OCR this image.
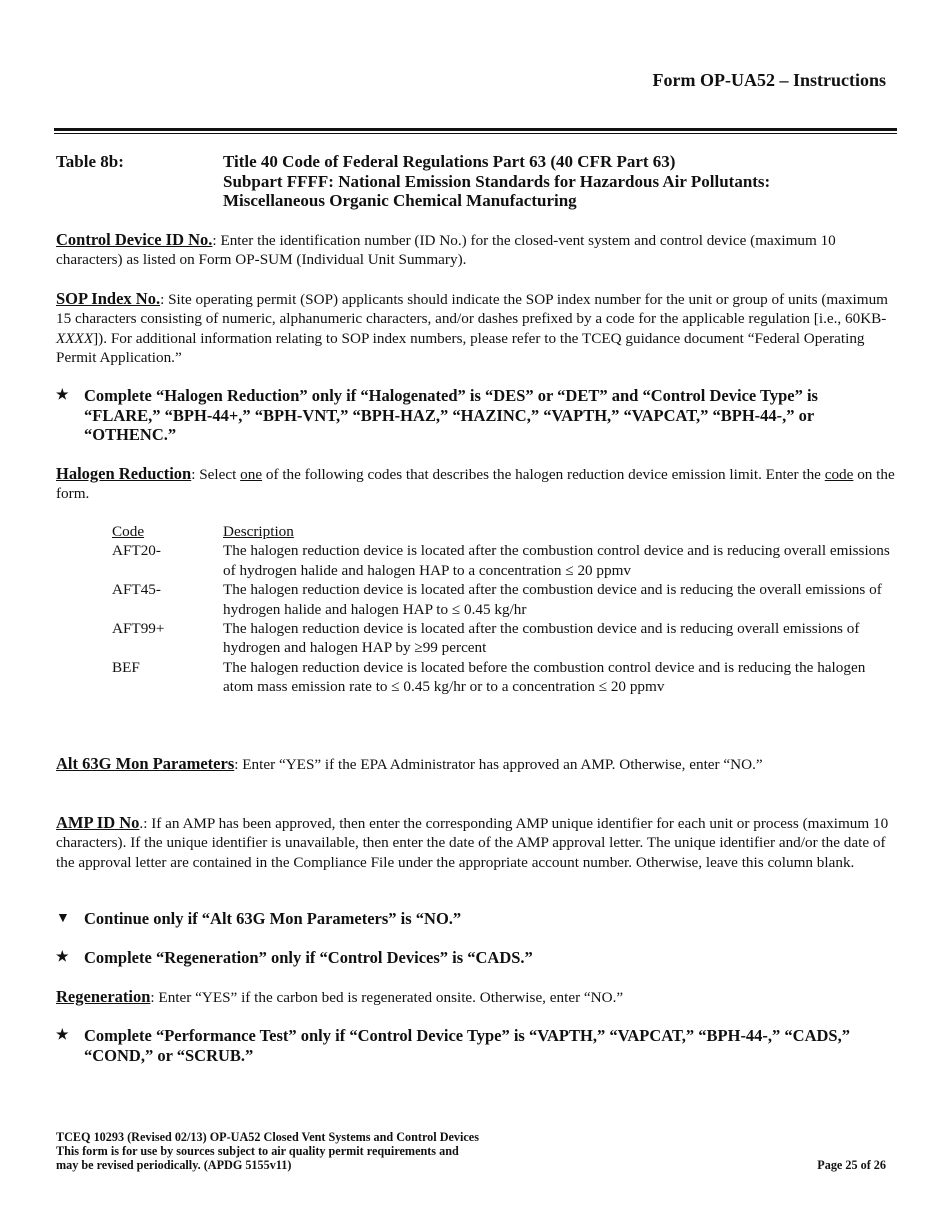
Form OP-UA52 – Instructions
Table 8b:	Title 40 Code of Federal Regulations Part 63 (40 CFR Part 63)
Subpart FFFF: National Emission Standards for Hazardous Air Pollutants:
Miscellaneous Organic Chemical Manufacturing
Control Device ID No.: Enter the identification number (ID No.) for the closed-vent system and control device (maximum 10 characters) as listed on Form OP-SUM (Individual Unit Summary).
SOP Index No.: Site operating permit (SOP) applicants should indicate the SOP index number for the unit or group of units (maximum 15 characters consisting of numeric, alphanumeric characters, and/or dashes prefixed by a code for the applicable regulation [i.e., 60KB-XXXX]). For additional information relating to SOP index numbers, please refer to the TCEQ guidance document “Federal Operating Permit Application.”
★ Complete “Halogen Reduction” only if “Halogenated” is “DES” or “DET” and “Control Device Type” is “FLARE,” “BPH-44+,” “BPH-VNT,” “BPH-HAZ,” “HAZINC,” “VAPTH,” “VAPCAT,” “BPH-44-,” or “OTHENC.”
Halogen Reduction: Select one of the following codes that describes the halogen reduction device emission limit. Enter the code on the form.
Code	Description
AFT20-	The halogen reduction device is located after the combustion control device and is reducing overall emissions of hydrogen halide and halogen HAP to a concentration ≤ 20 ppmv
AFT45-	The halogen reduction device is located after the combustion device and is reducing the overall emissions of hydrogen halide and halogen HAP to ≤ 0.45 kg/hr
AFT99+	The halogen reduction device is located after the combustion device and is reducing overall emissions of hydrogen and halogen HAP by ≥99 percent
BEF	The halogen reduction device is located before the combustion control device and is reducing the halogen atom mass emission rate to ≤ 0.45 kg/hr or to a concentration ≤ 20 ppmv
Alt 63G Mon Parameters: Enter “YES” if the EPA Administrator has approved an AMP. Otherwise, enter “NO.”
AMP ID No.: If an AMP has been approved, then enter the corresponding AMP unique identifier for each unit or process (maximum 10 characters). If the unique identifier is unavailable, then enter the date of the AMP approval letter. The unique identifier and/or the date of the approval letter are contained in the Compliance File under the appropriate account number. Otherwise, leave this column blank.
▼ Continue only if “Alt 63G Mon Parameters” is “NO.”
★ Complete “Regeneration” only if “Control Devices” is “CADS.”
Regeneration: Enter “YES” if the carbon bed is regenerated onsite. Otherwise, enter “NO.”
★ Complete “Performance Test” only if “Control Device Type” is “VAPTH,” “VAPCAT,” “BPH-44-,” “CADS,” “COND,” or “SCRUB.”
TCEQ 10293 (Revised 02/13) OP-UA52 Closed Vent Systems and Control Devices
This form is for use by sources subject to air quality permit requirements and
may be revised periodically. (APDG 5155v11)	Page 25 of 26
